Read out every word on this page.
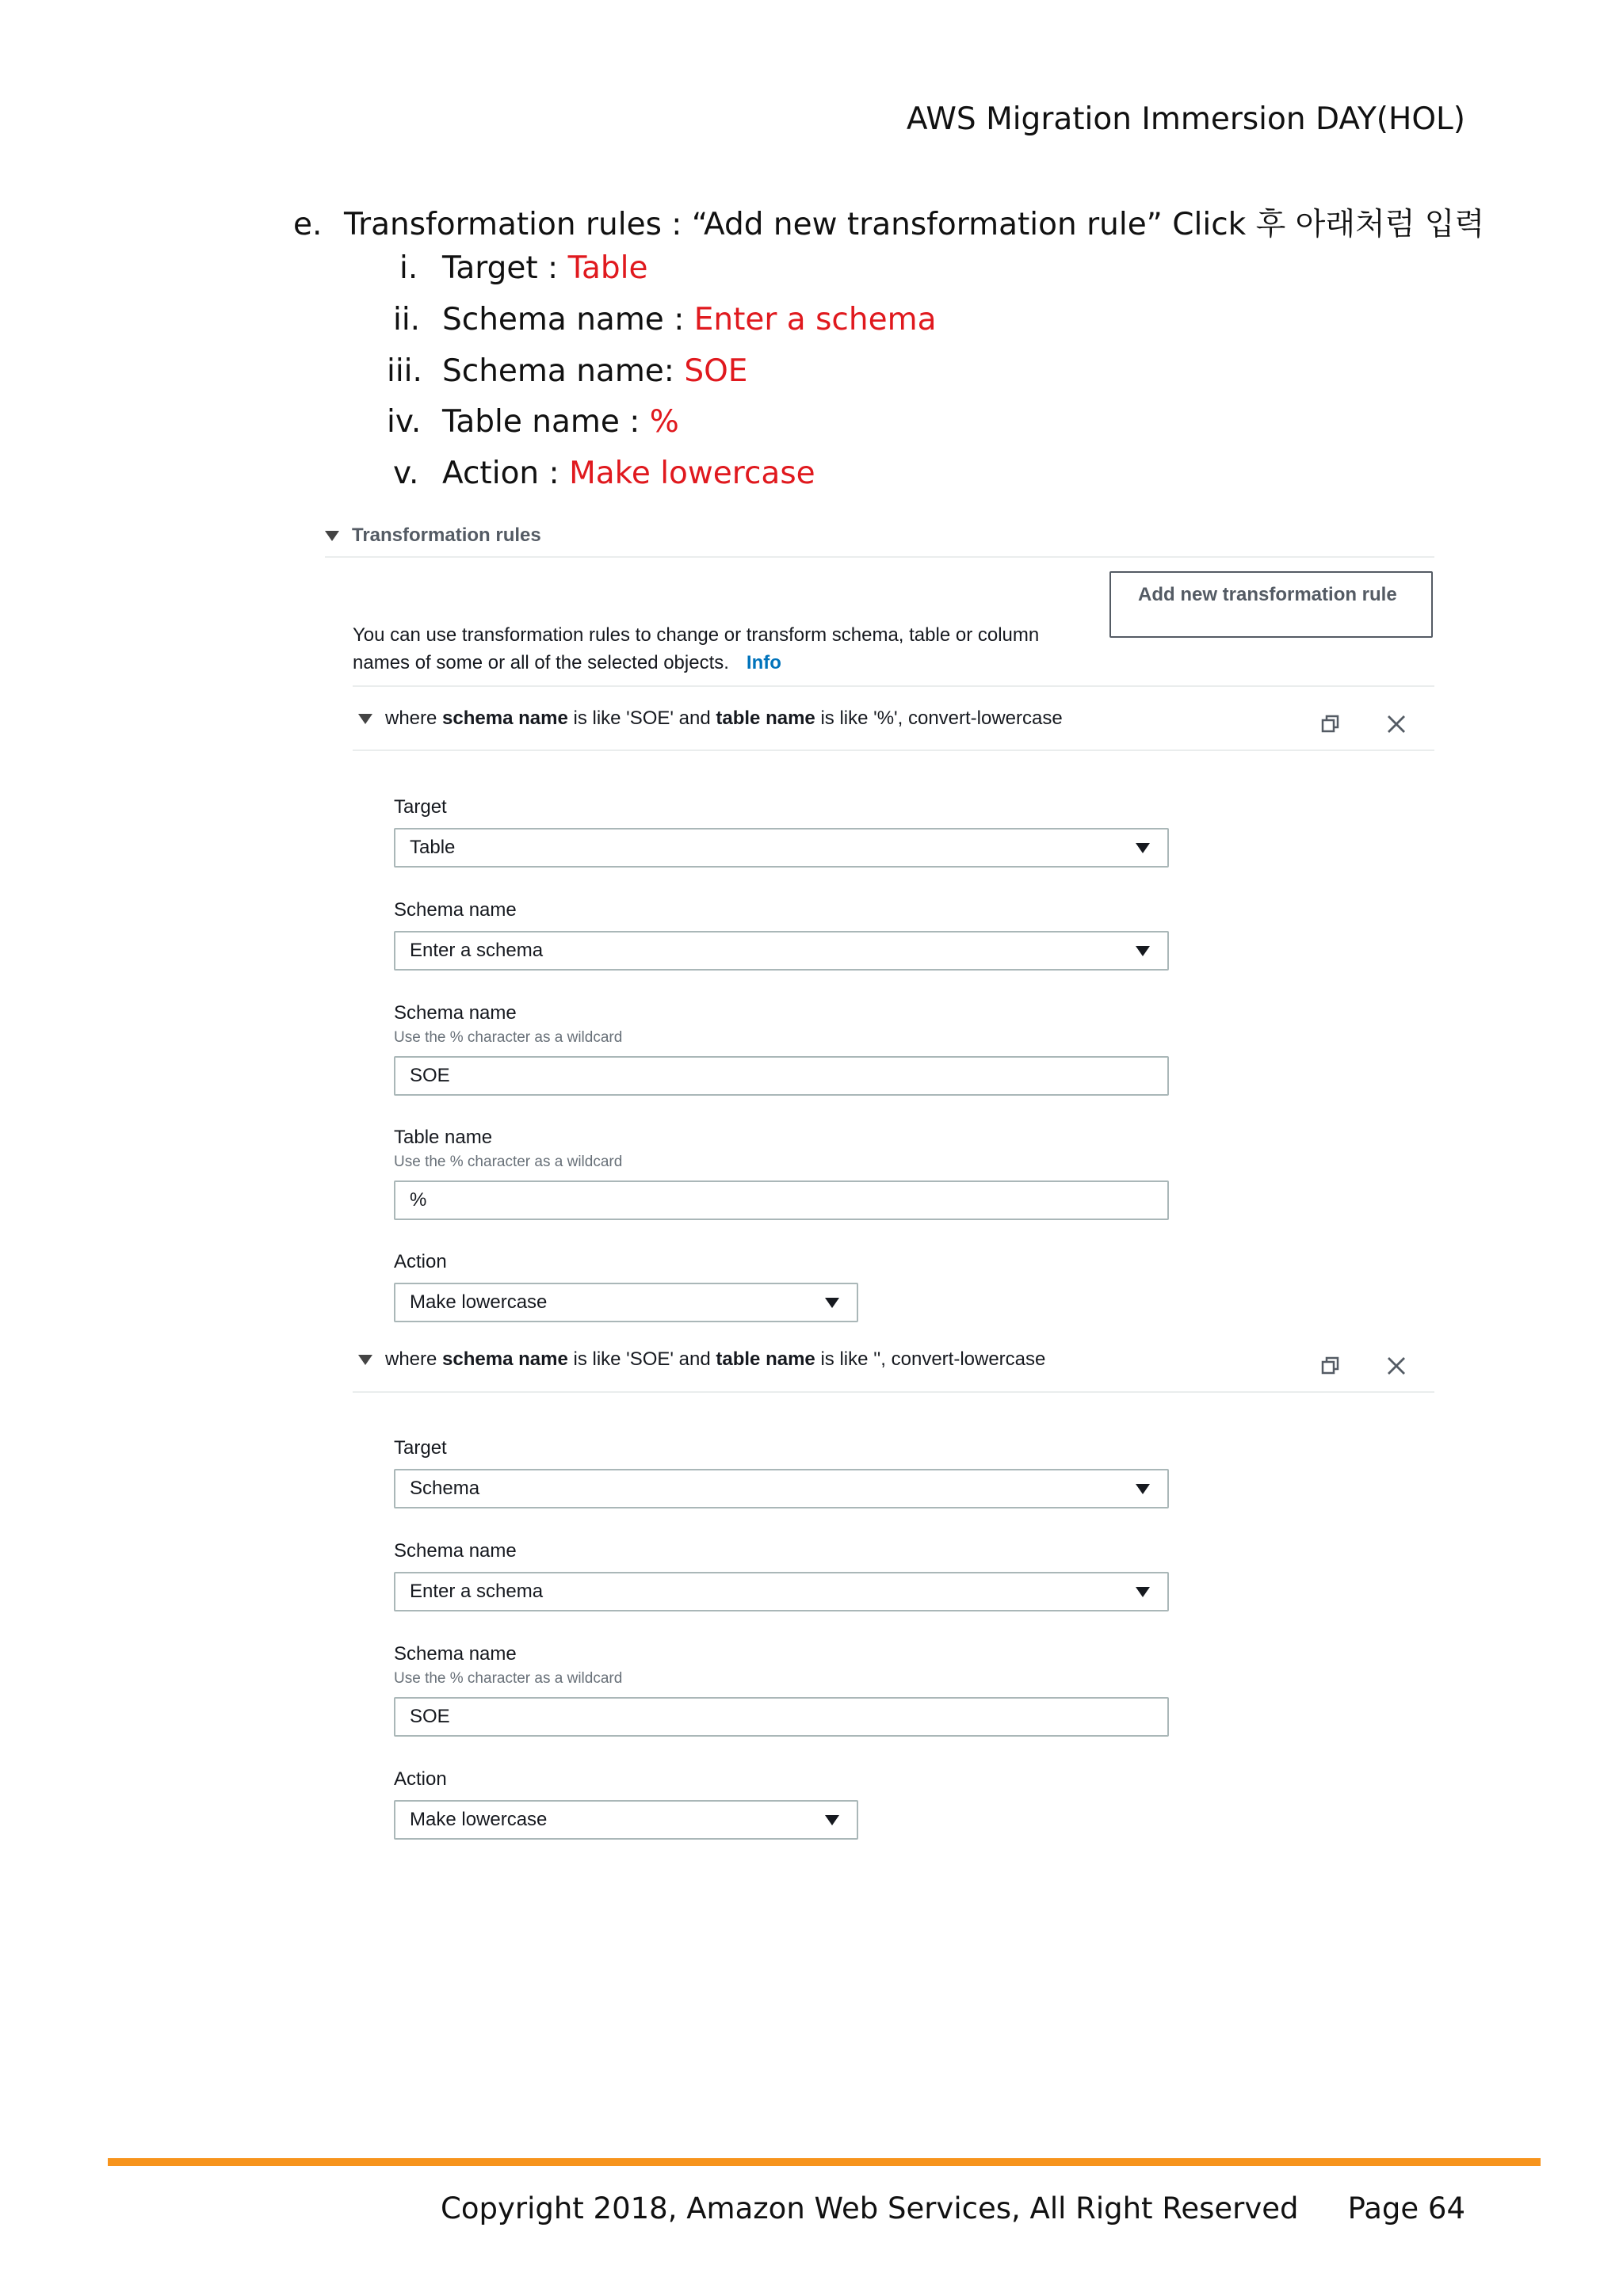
AWS Migration Immersion DAY(HOL)
e. Transformation rules : “Add new transformation rule” Click 후 아래처럼 입력
i. Target : Table
ii. Schema name : Enter a schema
iii. Schema name: SOE
iv. Table name : %
v. Action : Make lowercase
Transformation rules
You can use transformation rules to change or transform schema, table or column names of some or all of the selected objects. Info
Add new transformation rule
where schema name is like 'SOE' and table name is like '%', convert-lowercase
Target
Table
Schema name
Enter a schema
Schema name
Use the % character as a wildcard
SOE
Table name
Use the % character as a wildcard
%
Action
Make lowercase
where schema name is like 'SOE' and table name is like '', convert-lowercase
Target
Schema
Schema name
Enter a schema
Schema name
Use the % character as a wildcard
SOE
Action
Make lowercase
Copyright 2018, Amazon Web Services, All Right Reserved Page 64
